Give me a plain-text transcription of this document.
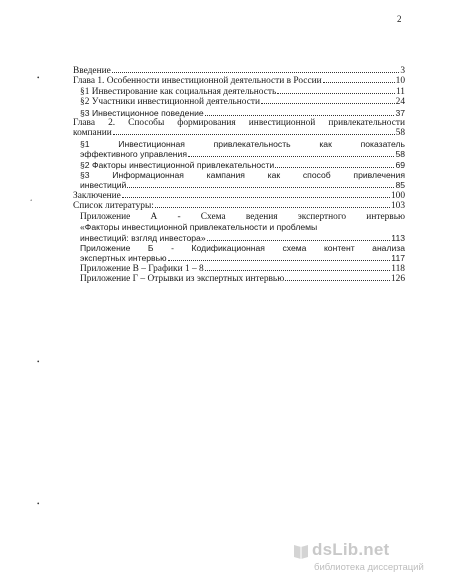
2
•
ʻ
•
•
Введение	3
Глава 1. Особенности инвестиционной деятельности в России	10
§1 Инвестирование как социальная деятельность	11
§2 Участники инвестиционной деятельности	24
§3 Инвестиционное поведение	37
Глава 2. Способы формирования инвестиционной привлекательности
компании	58
§1 Инвестиционная привлекательность как показатель
эффективного управления	58
§2 Факторы инвестиционной привлекательности	69
§3 Информационная кампания как способ привлечения
инвестиций	85
Заключение	100
Список литературы:	103
Приложение А - Схема ведения экспертного интервью
«Факторы инвестиционной привлекательности и проблемы
инвестиций: взгляд инвестора»	113
Приложение Б - Кодификационная схема контент анализа
экспертных интервью	117
Приложение В – Графики 1 – 8	118
Приложение Г – Отрывки из экспертных интервью	126
dsLib.net
библиотека диссертаций
